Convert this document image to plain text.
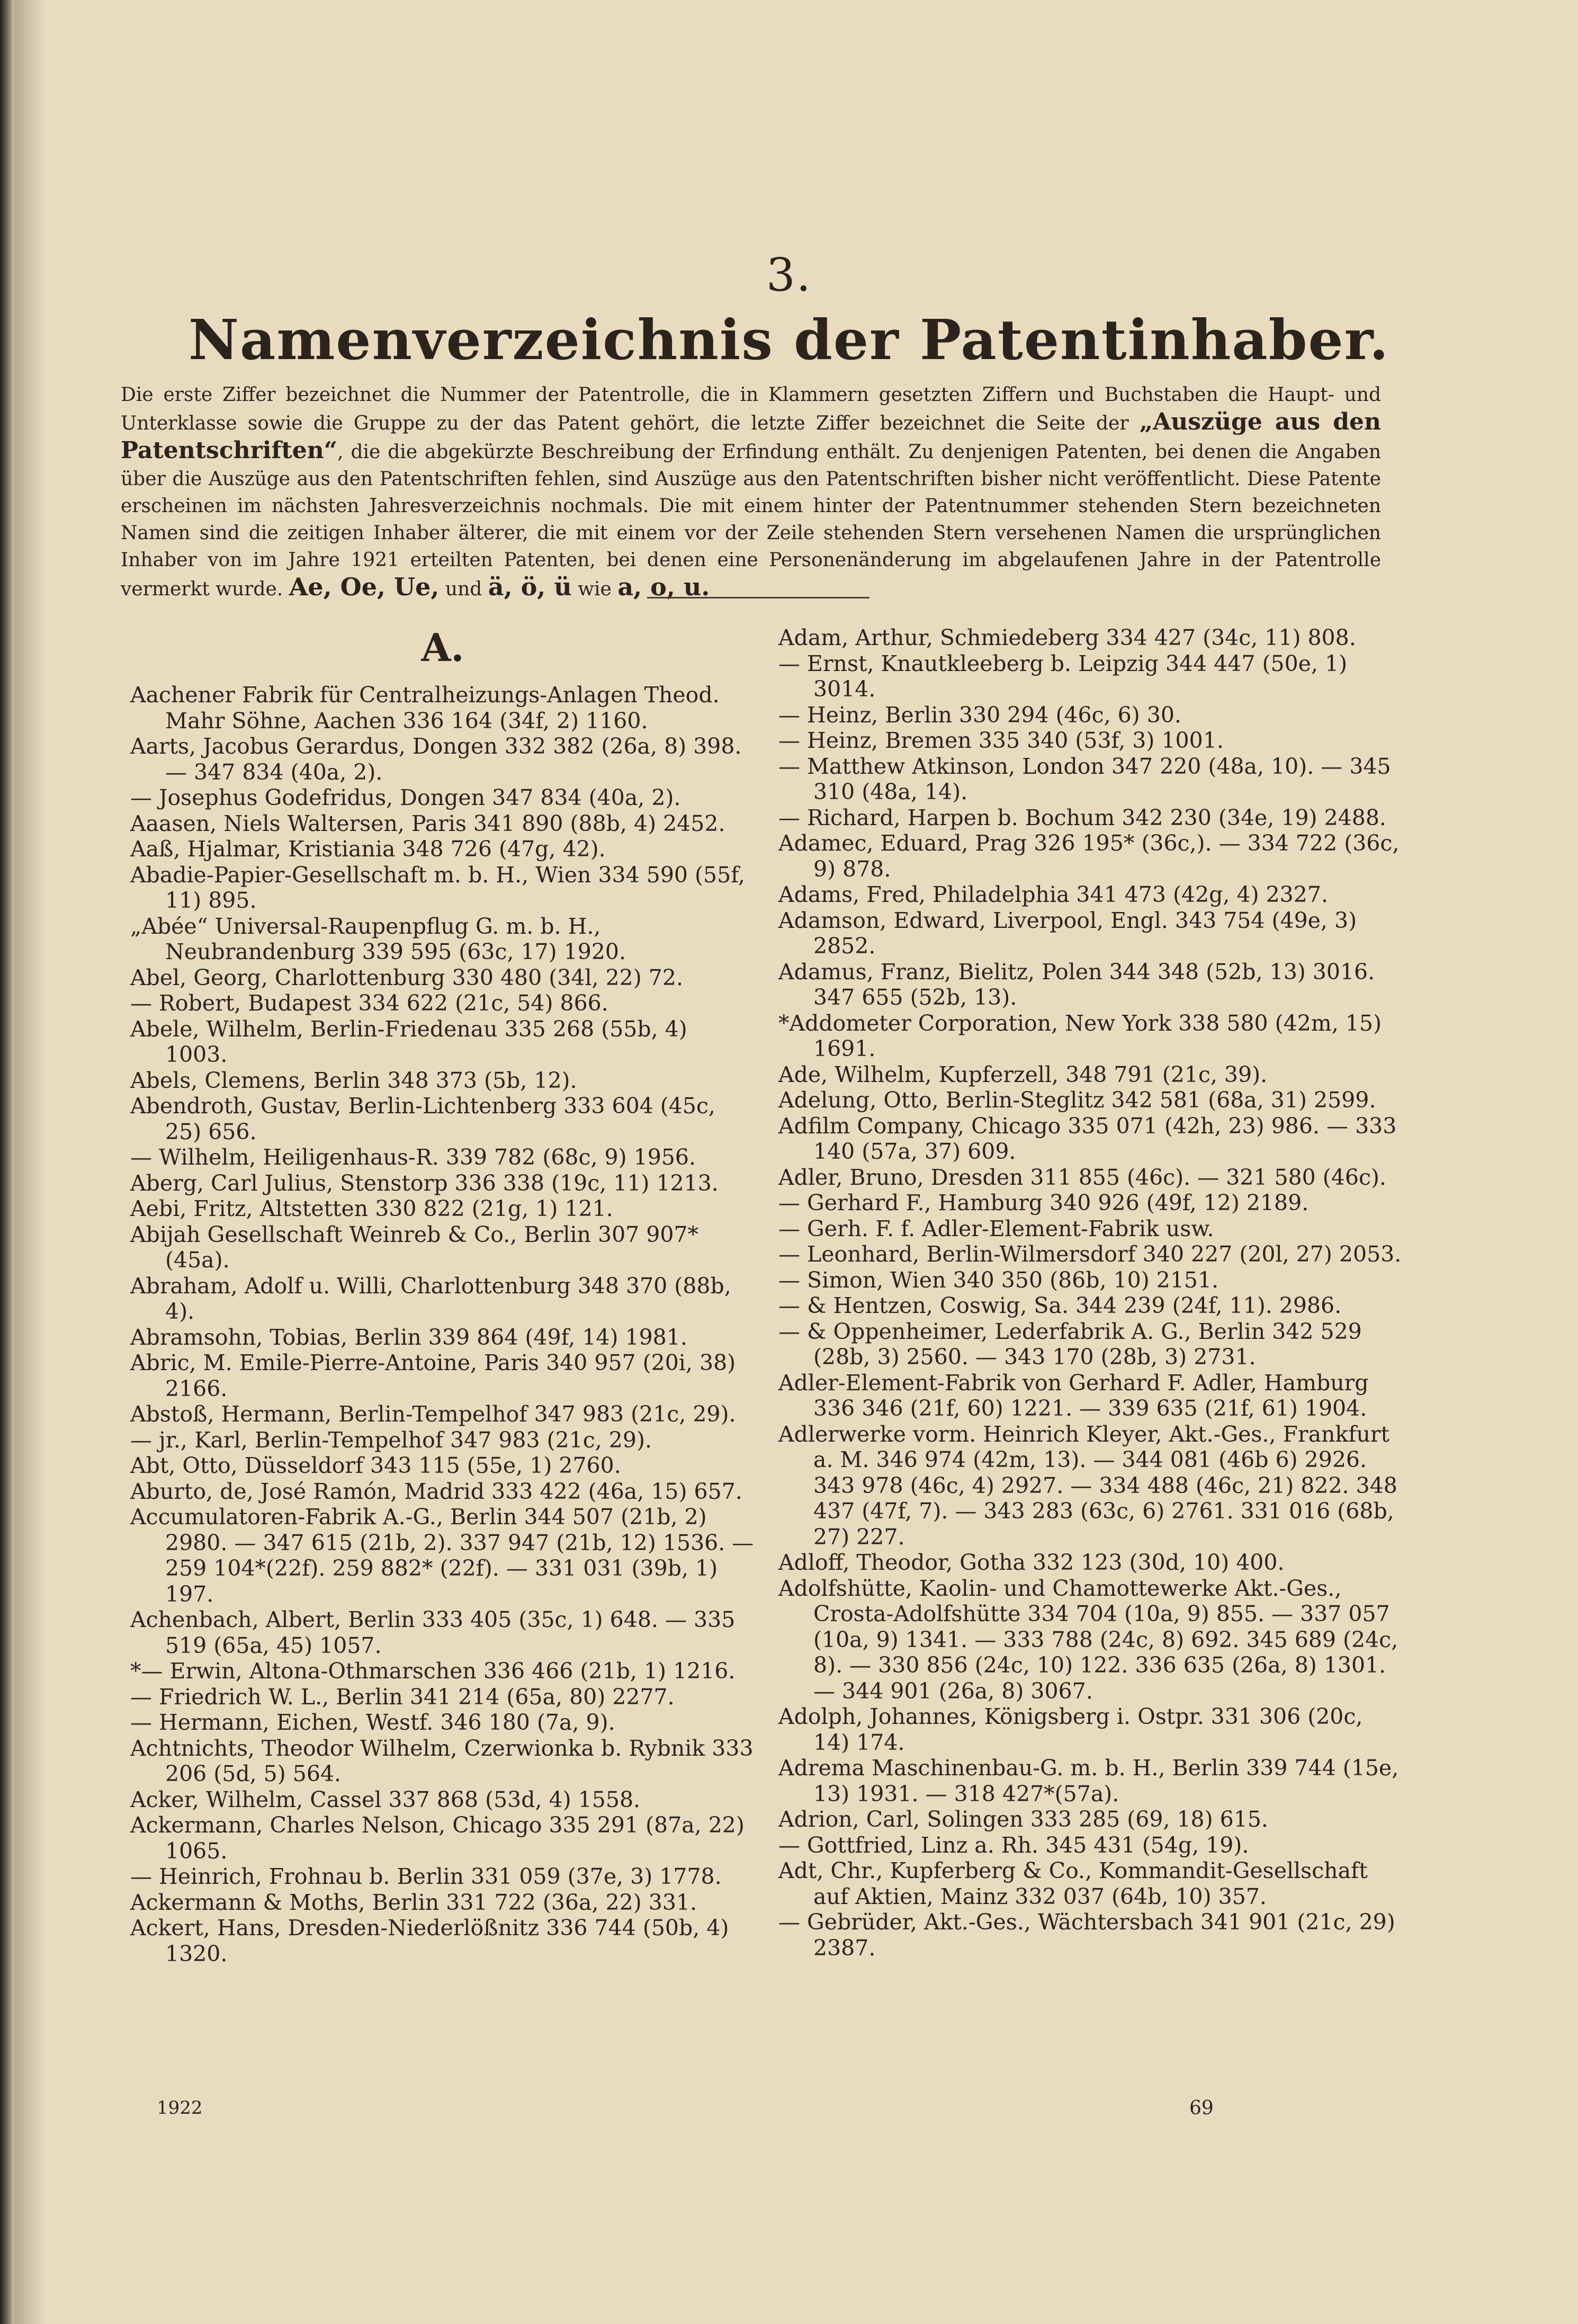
3.
Namenverzeichnis der Patentinhaber.

Die erste Ziffer bezeichnet die Nummer der Patentrolle, die in Klammern gesetzten Ziffern und Buchstaben die Haupt- und Unterklasse sowie die Gruppe zu der das Patent gehört, die letzte Ziffer bezeichnet die Seite der „Auszüge aus den Patentschriften“, die die abgekürzte Beschreibung der Erfindung enthält. Zu denjenigen Patenten, bei denen die Angaben über die Auszüge aus den Patentschriften fehlen, sind Auszüge aus den Patentschriften bisher nicht veröffentlicht. Diese Patente erscheinen im nächsten Jahresverzeichnis nochmals. Die mit einem hinter der Patentnummer stehenden Stern bezeichneten Namen sind die zeitigen Inhaber älterer, die mit einem vor der Zeile stehenden Stern versehenen Namen die ursprünglichen Inhaber von im Jahre 1921 erteilten Patenten, bei denen eine Personenänderung im abgelaufenen Jahre in der Patentrolle vermerkt wurde. Ae, Oe, Ue, und ä, ö, ü wie a, o, u.

A.

Aachener Fabrik für Centralheizungs-Anlagen Theod. Mahr Söhne, Aachen 336 164 (34f, 2) 1160.

Aarts, Jacobus Gerardus, Dongen 332 382 (26a, 8) 398. — 347 834 (40a, 2).

— Josephus Godefridus, Dongen 347 834 (40a, 2).

Aaasen, Niels Waltersen, Paris 341 890 (88b, 4) 2452.

Aaß, Hjalmar, Kristiania 348 726 (47g, 42).

Abadie-Papier-Gesellschaft m. b. H., Wien 334 590 (55f, 11) 895.

„Abée“ Universal-Raupenpflug G. m. b. H., Neubrandenburg 339 595 (63c, 17) 1920.

Abel, Georg, Charlottenburg 330 480 (34l, 22) 72.

— Robert, Budapest 334 622 (21c, 54) 866.

Abele, Wilhelm, Berlin-Friedenau 335 268 (55b, 4) 1003.

Abels, Clemens, Berlin 348 373 (5b, 12).

Abendroth, Gustav, Berlin-Lichtenberg 333 604 (45c, 25) 656.

— Wilhelm, Heiligenhaus-R. 339 782 (68c, 9) 1956.

Aberg, Carl Julius, Stenstorp 336 338 (19c, 11) 1213.

Aebi, Fritz, Altstetten 330 822 (21g, 1) 121.

Abijah Gesellschaft Weinreb & Co., Berlin 307 907* (45a).

Abraham, Adolf u. Willi, Charlottenburg 348 370 (88b, 4).

Abramsohn, Tobias, Berlin 339 864 (49f, 14) 1981.

Abric, M. Emile-Pierre-Antoine, Paris 340 957 (20i, 38) 2166.

Abstoß, Hermann, Berlin-Tempelhof 347 983 (21c, 29).

— jr., Karl, Berlin-Tempelhof 347 983 (21c, 29).

Abt, Otto, Düsseldorf 343 115 (55e, 1) 2760.

Aburto, de, José Ramón, Madrid 333 422 (46a, 15) 657.

Accumulatoren-Fabrik A.-G., Berlin 344 507 (21b, 2) 2980. — 347 615 (21b, 2). 337 947 (21b, 12) 1536. — 259 104*(22f). 259 882* (22f). — 331 031 (39b, 1) 197.

Achenbach, Albert, Berlin 333 405 (35c, 1) 648. — 335 519 (65a, 45) 1057.

*— Erwin, Altona-Othmarschen 336 466 (21b, 1) 1216.

— Friedrich W. L., Berlin 341 214 (65a, 80) 2277.

— Hermann, Eichen, Westf. 346 180 (7a, 9).

Achtnichts, Theodor Wilhelm, Czerwionka b. Rybnik 333 206 (5d, 5) 564.

Acker, Wilhelm, Cassel 337 868 (53d, 4) 1558.

Ackermann, Charles Nelson, Chicago 335 291 (87a, 22) 1065.

— Heinrich, Frohnau b. Berlin 331 059 (37e, 3) 1778.

Ackermann & Moths, Berlin 331 722 (36a, 22) 331.

Ackert, Hans, Dresden-Niederlößnitz 336 744 (50b, 4) 1320.

Adam, Arthur, Schmiedeberg 334 427 (34c, 11) 808.

— Ernst, Knautkleeberg b. Leipzig 344 447 (50e, 1) 3014.

— Heinz, Berlin 330 294 (46c, 6) 30.

— Heinz, Bremen 335 340 (53f, 3) 1001.

— Matthew Atkinson, London 347 220 (48a, 10). — 345 310 (48a, 14).

— Richard, Harpen b. Bochum 342 230 (34e, 19) 2488.

Adamec, Eduard, Prag 326 195* (36c,). — 334 722 (36c, 9) 878.

Adams, Fred, Philadelphia 341 473 (42g, 4) 2327.

Adamson, Edward, Liverpool, Engl. 343 754 (49e, 3) 2852.

Adamus, Franz, Bielitz, Polen 344 348 (52b, 13) 3016. 347 655 (52b, 13).

*Addometer Corporation, New York 338 580 (42m, 15) 1691.

Ade, Wilhelm, Kupferzell, 348 791 (21c, 39).

Adelung, Otto, Berlin-Steglitz 342 581 (68a, 31) 2599.

Adfilm Company, Chicago 335 071 (42h, 23) 986. — 333 140 (57a, 37) 609.

Adler, Bruno, Dresden 311 855 (46c). — 321 580 (46c).

— Gerhard F., Hamburg 340 926 (49f, 12) 2189.

— Gerh. F. f. Adler-Element-Fabrik usw.

— Leonhard, Berlin-Wilmersdorf 340 227 (20l, 27) 2053.

— Simon, Wien 340 350 (86b, 10) 2151.

— & Hentzen, Coswig, Sa. 344 239 (24f, 11). 2986.

— & Oppenheimer, Lederfabrik A. G., Berlin 342 529 (28b, 3) 2560. — 343 170 (28b, 3) 2731.

Adler-Element-Fabrik von Gerhard F. Adler, Hamburg 336 346 (21f, 60) 1221. — 339 635 (21f, 61) 1904.

Adlerwerke vorm. Heinrich Kleyer, Akt.-Ges., Frankfurt a. M. 346 974 (42m, 13). — 344 081 (46b 6) 2926. 343 978 (46c, 4) 2927. — 334 488 (46c, 21) 822. 348 437 (47f, 7). — 343 283 (63c, 6) 2761. 331 016 (68b, 27) 227.

Adloff, Theodor, Gotha 332 123 (30d, 10) 400.

Adolfshütte, Kaolin- und Chamottewerke Akt.-Ges., Crosta-Adolfshütte 334 704 (10a, 9) 855. — 337 057 (10a, 9) 1341. — 333 788 (24c, 8) 692. 345 689 (24c, 8). — 330 856 (24c, 10) 122. 336 635 (26a, 8) 1301. — 344 901 (26a, 8) 3067.

Adolph, Johannes, Königsberg i. Ostpr. 331 306 (20c, 14) 174.

Adrema Maschinenbau-G. m. b. H., Berlin 339 744 (15e, 13) 1931. — 318 427*(57a).

Adrion, Carl, Solingen 333 285 (69, 18) 615.

— Gottfried, Linz a. Rh. 345 431 (54g, 19).

Adt, Chr., Kupferberg & Co., Kommandit-Gesellschaft auf Aktien, Mainz 332 037 (64b, 10) 357.

— Gebrüder, Akt.-Ges., Wächtersbach 341 901 (21c, 29) 2387.

1922	69
